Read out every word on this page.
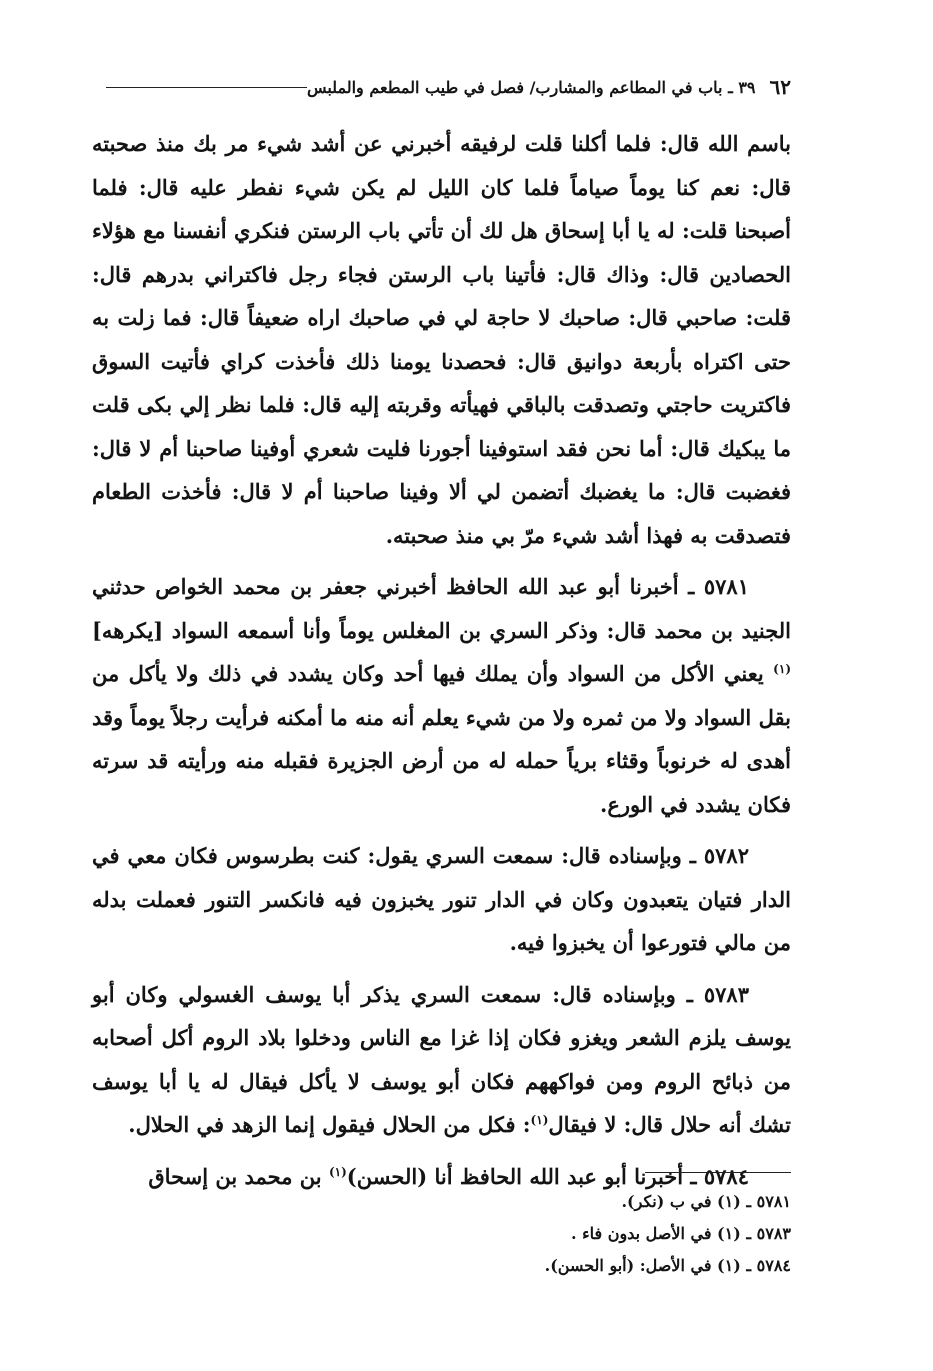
٦٢
٣٩ ـ باب في المطاعم والمشارب/ فصل في طيب المطعم والملبس

باسم الله قال: فلما أكلنا قلت لرفيقه أخبرني عن أشد شيء مر بك منذ صحبته قال: نعم كنا يوماً صياماً فلما كان الليل لم يكن شيء نفطر عليه قال: فلما أصبحنا قلت: له يا أبا إسحاق هل لك أن تأتي باب الرستن فنكري أنفسنا مع هؤلاء الحصادين قال: وذاك قال: فأتينا باب الرستن فجاء رجل فاكتراني بدرهم قال: قلت: صاحبي قال: صاحبك لا حاجة لي في صاحبك اراه ضعيفاً قال: فما زلت به حتى اكتراه بأربعة دوانيق قال: فحصدنا يومنا ذلك فأخذت كراي فأتيت السوق فاكتريت حاجتي وتصدقت بالباقي فهيأته وقربته إليه قال: فلما نظر إلي بكى قلت ما يبكيك قال: أما نحن فقد استوفينا أجورنا فليت شعري أوفينا صاحبنا أم لا قال: فغضبت قال: ما يغضبك أتضمن لي ألا وفينا صاحبنا أم لا قال: فأخذت الطعام فتصدقت به فهذا أشد شيء مرّ بي منذ صحبته.

٥٧٨١ ـ أخبرنا أبو عبد الله الحافظ أخبرني جعفر بن محمد الخواص حدثني الجنيد بن محمد قال: وذكر السري بن المغلس يوماً وأنا أسمعه السواد [يكرهه]$^{(١)}$ يعني الأكل من السواد وأن يملك فيها أحد وكان يشدد في ذلك ولا يأكل من بقل السواد ولا من ثمره ولا من شيء يعلم أنه منه ما أمكنه فرأيت رجلاً يوماً وقد أهدى له خرنوباً وقثاء برياً حمله له من أرض الجزيرة فقبله منه ورأيته قد سرته فكان يشدد في الورع.

٥٧٨٢ ـ وبإسناده قال: سمعت السري يقول: كنت بطرسوس فكان معي في الدار فتيان يتعبدون وكان في الدار تنور يخبزون فيه فانكسر التنور فعملت بدله من مالي فتورعوا أن يخبزوا فيه.

٥٧٨٣ ـ وبإسناده قال: سمعت السري يذكر أبا يوسف الغسولي وكان أبو يوسف يلزم الشعر ويغزو فكان إذا غزا مع الناس ودخلوا بلاد الروم أكل أصحابه من ذبائح الروم ومن فواكههم فكان أبو يوسف لا يأكل فيقال له يا أبا يوسف تشك أنه حلال قال: لا فيقال$^{(١)}$: فكل من الحلال فيقول إنما الزهد في الحلال.

٥٧٨٤ ـ أخبرنا أبو عبد الله الحافظ أنا (الحسن)$^{(١)}$ بن محمد بن إسحاق

٥٧٨١ ـ (١) في ب (نكر).
٥٧٨٣ ـ (١) في الأصل بدون فاء .
٥٧٨٤ ـ (١) في الأصل: (أبو الحسن).
